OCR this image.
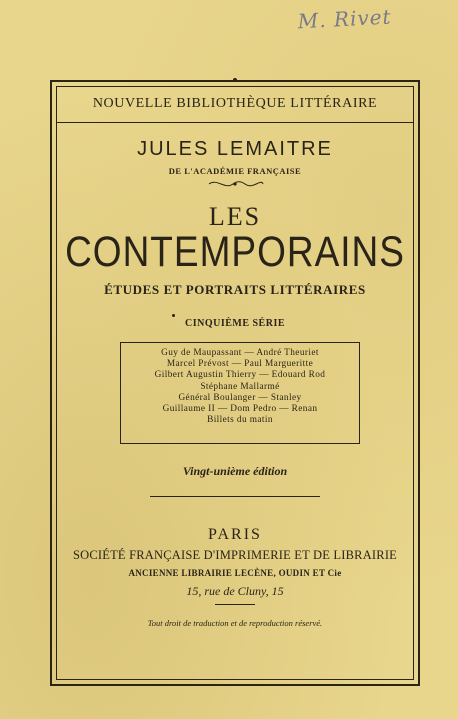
M. Rivet
NOUVELLE BIBLIOTHÈQUE LITTÉRAIRE
JULES LEMAITRE
DE L'ACADÉMIE FRANÇAISE
LES
CONTEMPORAINS
ÉTUDES ET PORTRAITS LITTÉRAIRES
CINQUIÈME SÉRIE
Guy de Maupassant — André Theuriet
Marcel Prévost — Paul Margueritte
Gilbert Augustin Thierry — Edouard Rod
Stéphane Mallarmé
Général Boulanger — Stanley
Guillaume II — Dom Pedro — Renan
Billets du matin
Vingt-unième édition
PARIS
SOCIÉTÉ FRANÇAISE D'IMPRIMERIE ET DE LIBRAIRIE
ANCIENNE LIBRAIRIE LECÈNE, OUDIN ET Cie
15, rue de Cluny, 15
Tout droit de traduction et de reproduction réservé.
